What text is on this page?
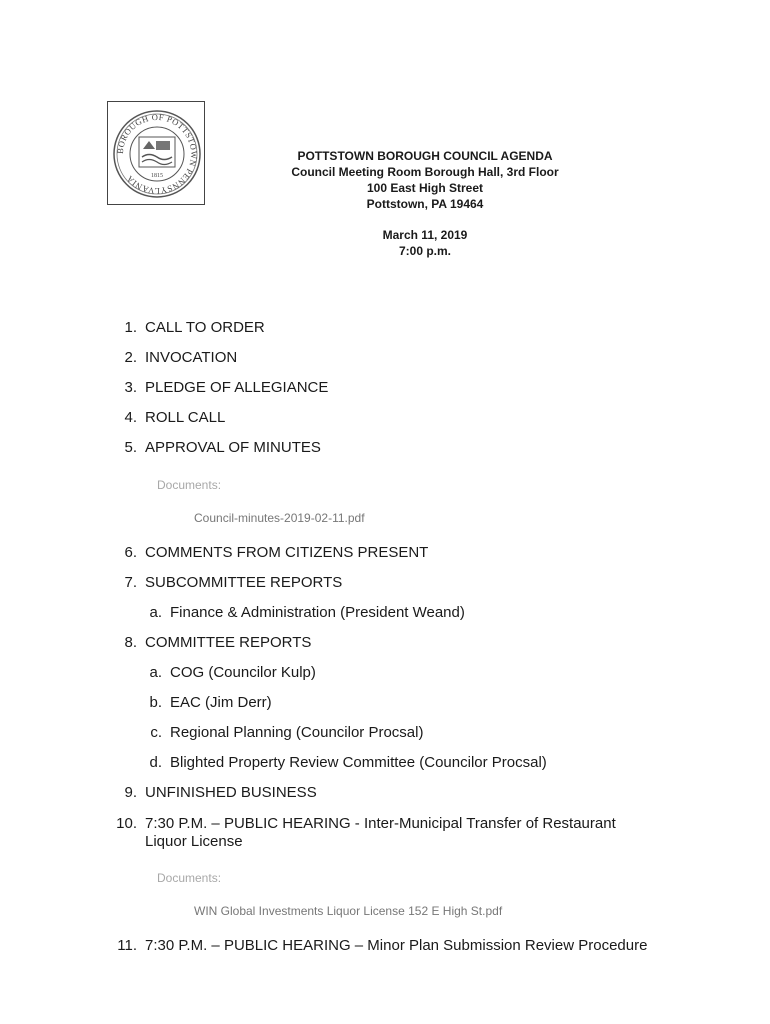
BOROUGH OF POTTSTOWN PENNSYLVANIA	1815
POTTSTOWN BOROUGH COUNCIL AGENDA
Council Meeting Room Borough Hall, 3rd Floor
100 East High Street
Pottstown, PA 19464
March 11, 2019
7:00 p.m.
1. CALL TO ORDER
2. INVOCATION
3. PLEDGE OF ALLEGIANCE
4. ROLL CALL
5. APPROVAL OF MINUTES
Documents:
Council-minutes-2019-02-11.pdf
6. COMMENTS FROM CITIZENS PRESENT
7. SUBCOMMITTEE REPORTS
a. Finance & Administration (President Weand)
8. COMMITTEE REPORTS
a. COG (Councilor Kulp)
b. EAC (Jim Derr)
c. Regional Planning (Councilor Procsal)
d. Blighted Property Review Committee (Councilor Procsal)
9. UNFINISHED BUSINESS
10. 7:30 P.M. – PUBLIC HEARING - Inter-Municipal Transfer of Restaurant Liquor License
Documents:
WIN Global Investments Liquor License 152 E High St.pdf
11. 7:30 P.M. – PUBLIC HEARING – Minor Plan Submission Review Procedure
